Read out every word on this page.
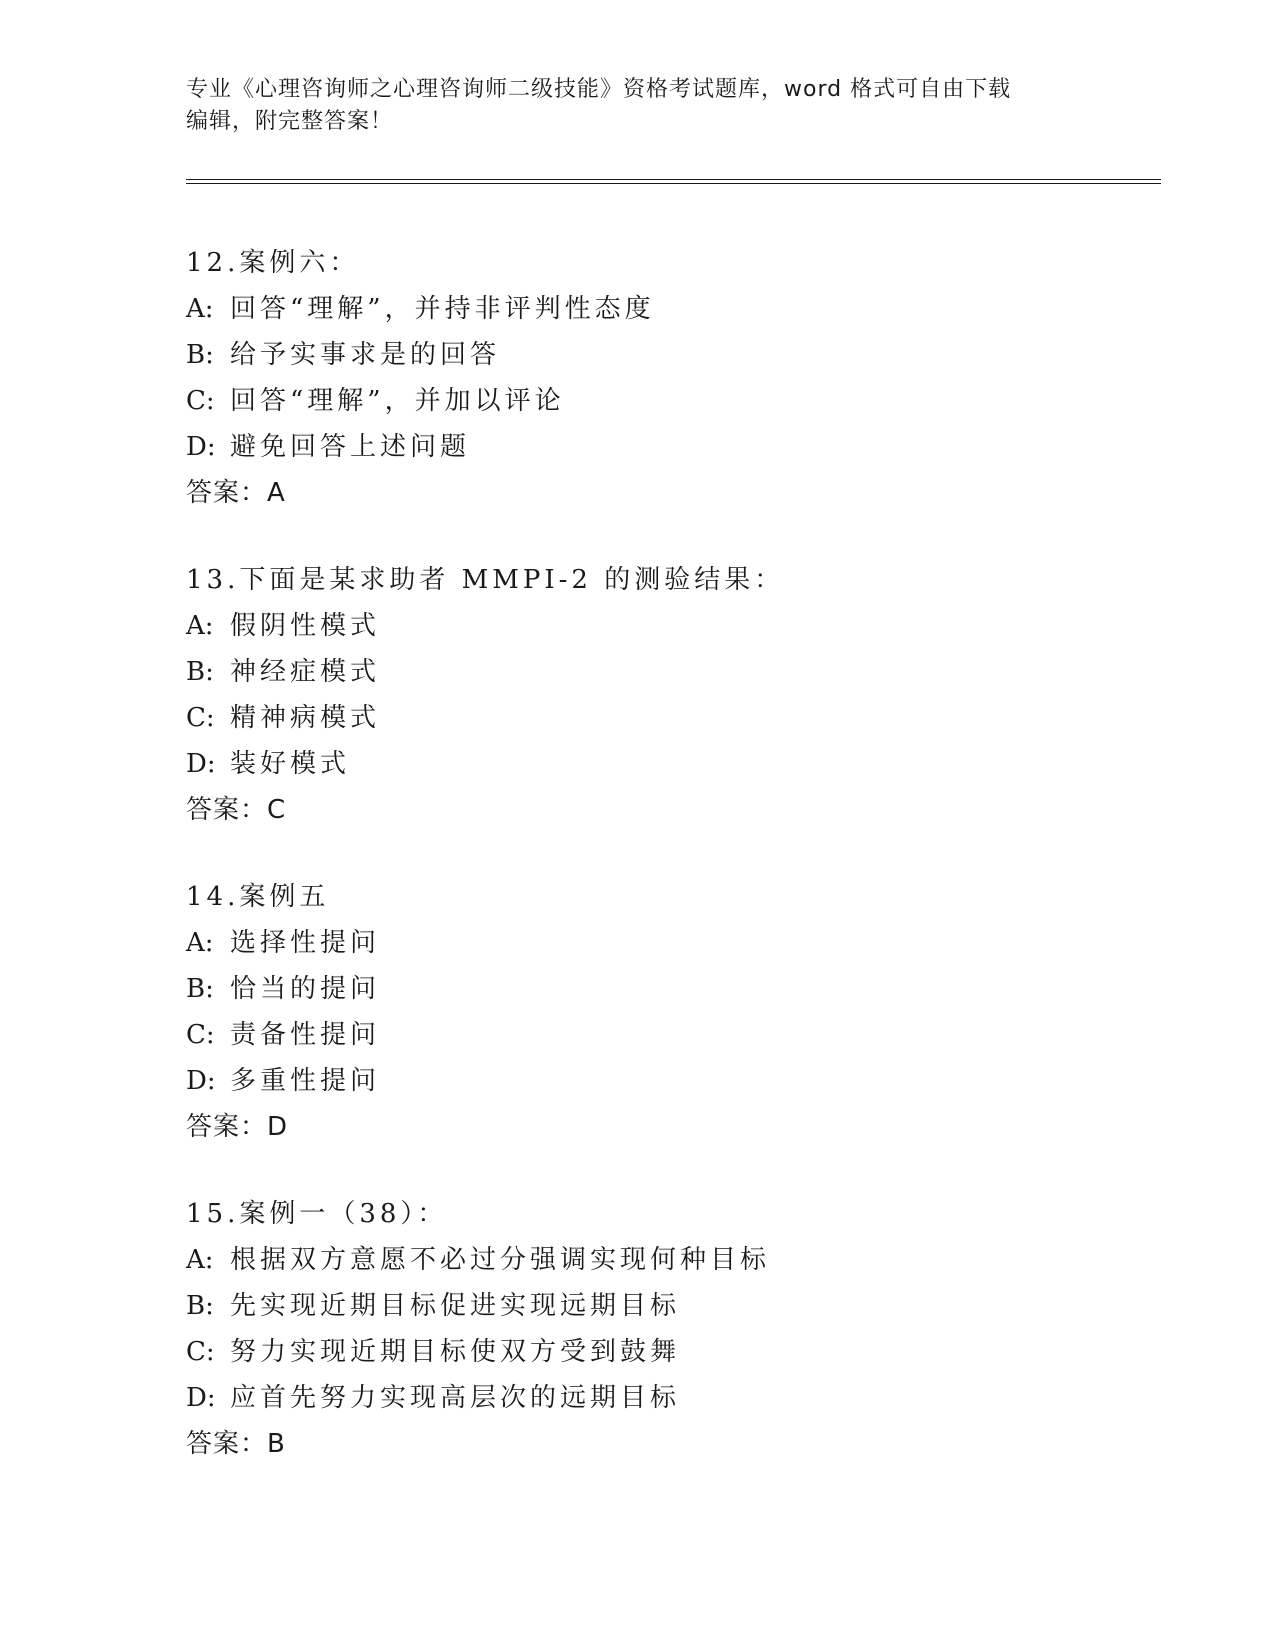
专业《心理咨询师之心理咨询师二级技能》资格考试题库，word 格式可自由下载
编辑，附完整答案！
12.案例六：
A: 回答“理解”，并持非评判性态度
B: 给予实事求是的回答
C: 回答“理解”，并加以评论
D: 避免回答上述问题
答案：A
13.下面是某求助者 MMPI-2 的测验结果：
A: 假阴性模式
B: 神经症模式
C: 精神病模式
D: 装好模式
答案：C
14.案例五
A: 选择性提问
B: 恰当的提问
C: 责备性提问
D: 多重性提问
答案：D
15.案例一（38）：
A: 根据双方意愿不必过分强调实现何种目标
B: 先实现近期目标促进实现远期目标
C: 努力实现近期目标使双方受到鼓舞
D: 应首先努力实现高层次的远期目标
答案：B
